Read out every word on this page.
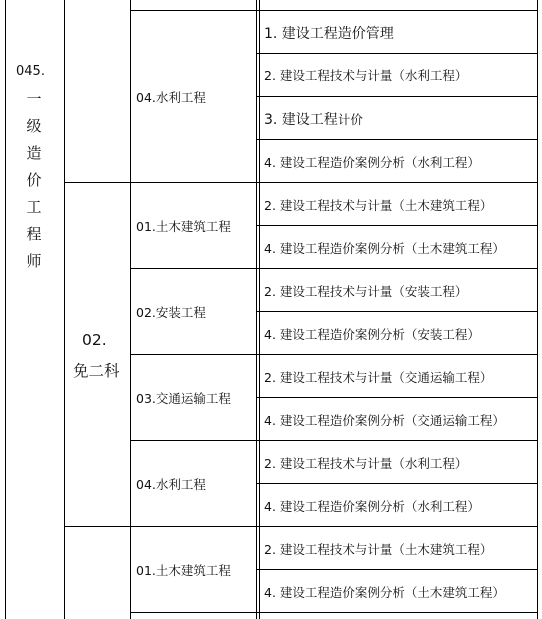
045.
一
级
造
价
工
程
师
02.
免二科
04.水利工程
01.土木建筑工程
02.安装工程
03.交通运输工程
04.水利工程
01.土木建筑工程
1. 建设工程造价管理
2. 建设工程技术与计量（水利工程）
3. 建设工程计价
4. 建设工程造价案例分析（水利工程）
2. 建设工程技术与计量（土木建筑工程）
4. 建设工程造价案例分析（土木建筑工程）
2. 建设工程技术与计量（安装工程）
4. 建设工程造价案例分析（安装工程）
2. 建设工程技术与计量（交通运输工程）
4. 建设工程造价案例分析（交通运输工程）
2. 建设工程技术与计量（水利工程）
4. 建设工程造价案例分析（水利工程）
2. 建设工程技术与计量（土木建筑工程）
4. 建设工程造价案例分析（土木建筑工程）
